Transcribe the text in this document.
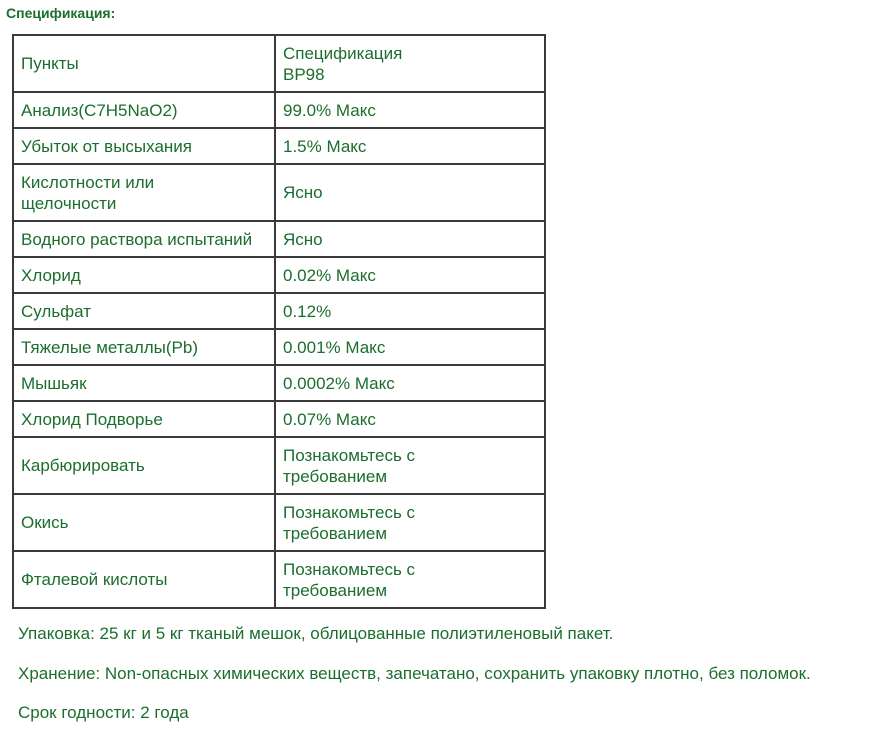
Спецификация:
Пункты	Спецификация
BP98

Анализ(C7H5NaO2)	99.0% Макс
Убыток от высыхания	1.5% Макс

Кислотности или
щелочности	Ясно
Водного раствора испытаний	Ясно
Хлорид	0.02% Макс
Сульфат	0.12%
Тяжелые металлы(Pb)	0.001% Макс
Мышьяк	0.0002% Макс
Хлорид Подворье	0.07% Макс
Карбюрировать	Познакомьтесь с
требованием

Окись	Познакомьтесь с
требованием

Фталевой кислоты	Познакомьтесь с
требованием
Упаковка: 25 кг и 5 кг тканый мешок, облицованные полиэтиленовый пакет.
Хранение: Non-опасных химических веществ, запечатано, сохранить упаковку плотно, без поломок.
Срок годности: 2 года
